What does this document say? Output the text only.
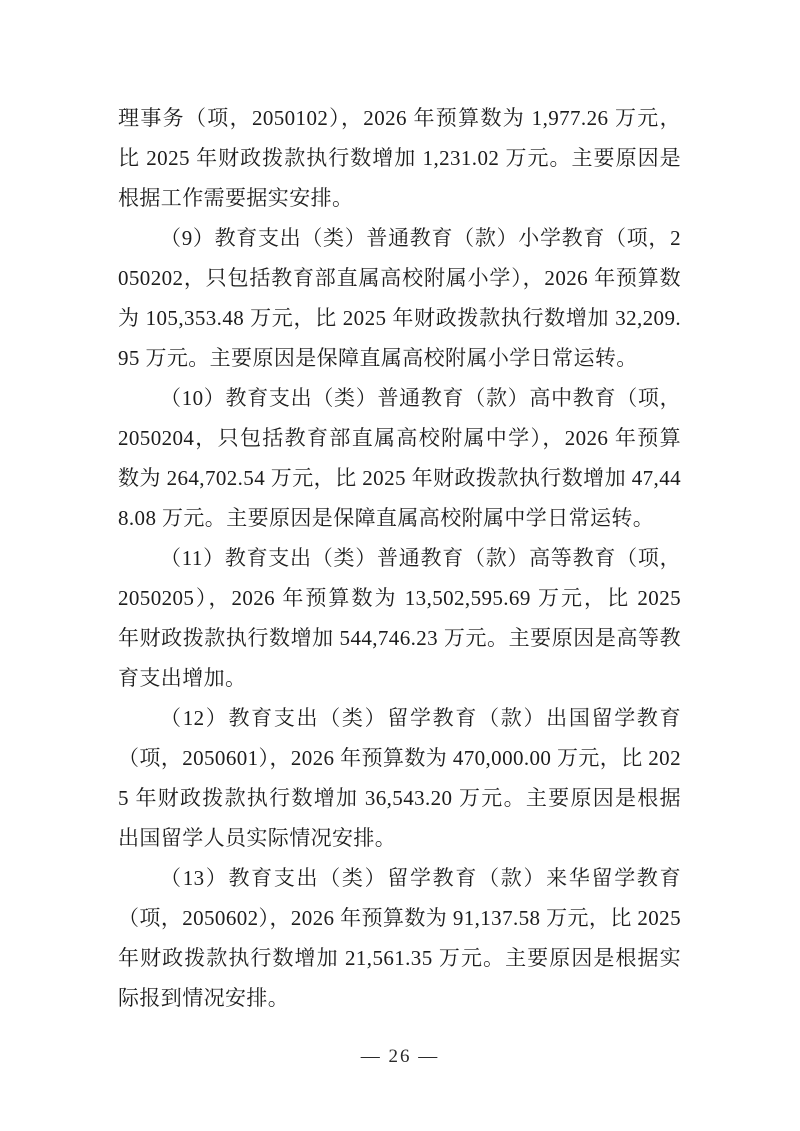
理事务（项，2050102），2026 年预算数为 1,977.26 万元，比 2025 年财政拨款执行数增加 1,231.02 万元。主要原因是根据工作需要据实安排。

（9）教育支出（类）普通教育（款）小学教育（项，2050202，只包括教育部直属高校附属小学），2026 年预算数为 105,353.48 万元，比 2025 年财政拨款执行数增加 32,209.95 万元。主要原因是保障直属高校附属小学日常运转。

（10）教育支出（类）普通教育（款）高中教育（项，2050204，只包括教育部直属高校附属中学），2026 年预算数为 264,702.54 万元，比 2025 年财政拨款执行数增加 47,448.08 万元。主要原因是保障直属高校附属中学日常运转。

（11）教育支出（类）普通教育（款）高等教育（项，2050205），2026 年预算数为 13,502,595.69 万元，比 2025 年财政拨款执行数增加 544,746.23 万元。主要原因是高等教育支出增加。

（12）教育支出（类）留学教育（款）出国留学教育（项，2050601），2026 年预算数为 470,000.00 万元，比 2025 年财政拨款执行数增加 36,543.20 万元。主要原因是根据出国留学人员实际情况安排。

（13）教育支出（类）留学教育（款）来华留学教育（项，2050602），2026 年预算数为 91,137.58 万元，比 2025 年财政拨款执行数增加 21,561.35 万元。主要原因是根据实际报到情况安排。

— 26 —
